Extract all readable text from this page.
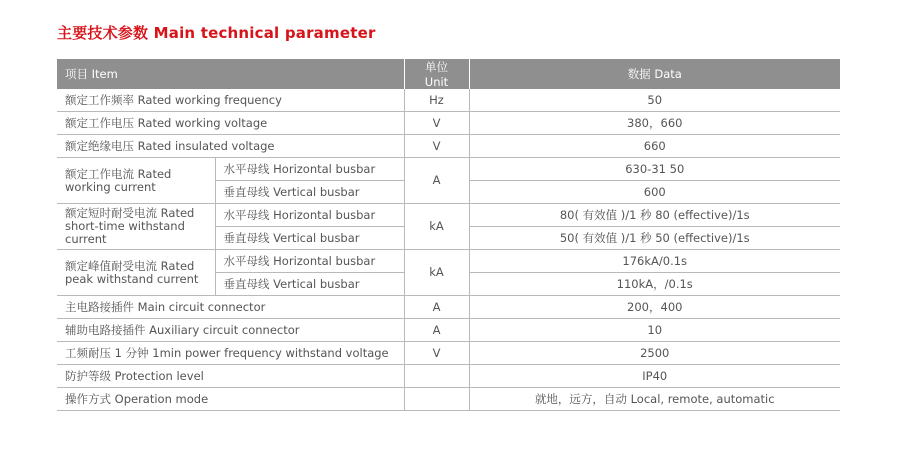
主要技术参数 Main technical parameter
项目 Item		单位 Unit	数据 Data
额定工作频率 Rated working frequency		Hz	50
额定工作电压 Rated working voltage		V	380，660
额定绝缘电压 Rated insulated voltage		V	660
额定工作电流 Rated working current	水平母线 Horizontal busbar	A	630-31 50
	垂直母线 Vertical busbar		600
额定短时耐受电流 Rated short-time withstand current	水平母线 Horizontal busbar	kA	80( 有效值 )/1 秒 80 (effective)/1s
	垂直母线 Vertical busbar		50( 有效值 )/1 秒 50 (effective)/1s
额定峰值耐受电流 Rated peak withstand current	水平母线 Horizontal busbar	kA	176kA/0.1s
	垂直母线 Vertical busbar		110kA，/0.1s
主电路接插件 Main circuit connector		A	200，400
辅助电路接插件 Auxiliary circuit connector		A	10
工频耐压 1 分钟 1min power frequency withstand voltage		V	2500
防护等级 Protection level			IP40
操作方式 Operation mode			就地，远方，自动 Local, remote, automatic
